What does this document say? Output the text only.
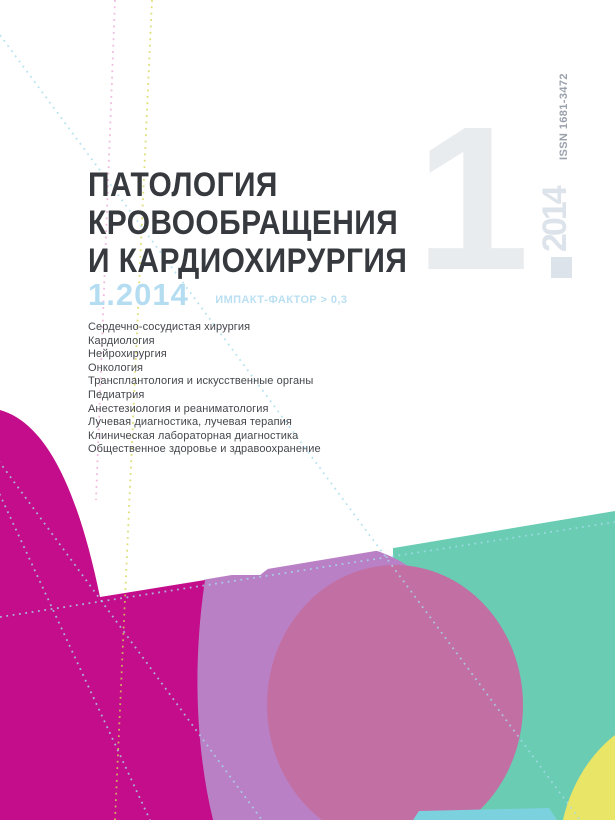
1 2014
ISSN 1681-3472
ПАТОЛОГИЯ
КРОВООБРАЩЕНИЯ
И КАРДИОХИРУРГИЯ
1.2014 ИМПАКТ-ФАКТОР > 0,3
Сердечно-сосудистая хирургия
Кардиология
Нейрохирургия
Онкология
Трансплантология и искусственные органы
Педиатрия
Анестезиология и реаниматология
Лучевая диагностика, лучевая терапия
Клиническая лабораторная диагностика
Общественное здоровье и здравоохранение
